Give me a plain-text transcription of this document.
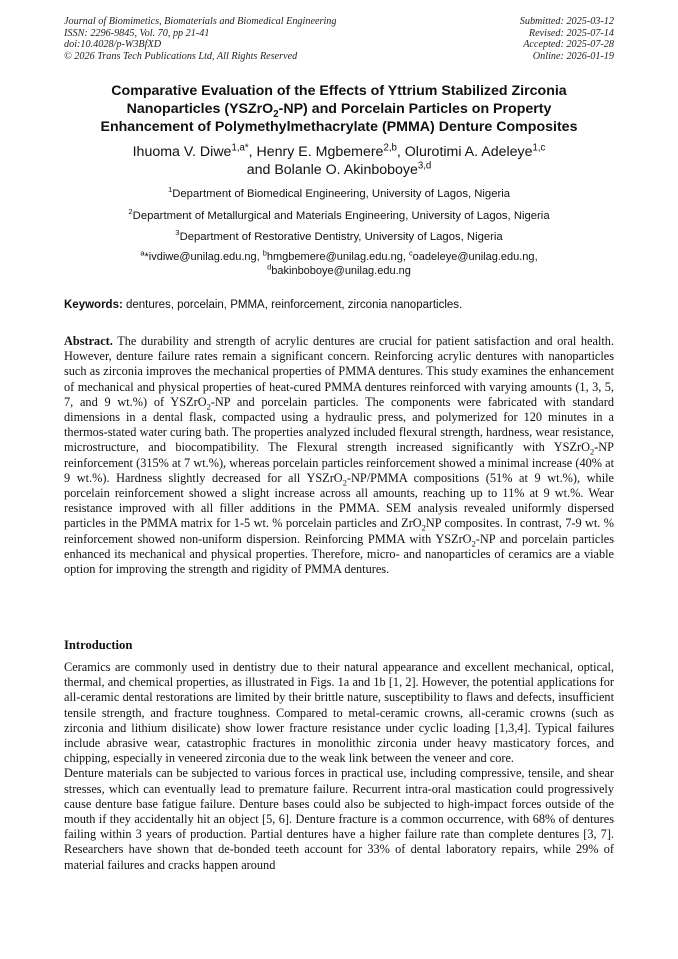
Journal of Biomimetics, Biomaterials and Biomedical Engineering
ISSN: 2296-9845, Vol. 70, pp 21-41
doi:10.4028/p-W3BfXD
© 2026 Trans Tech Publications Ltd, All Rights Reserved
Submitted: 2025-03-12
Revised: 2025-07-14
Accepted: 2025-07-28
Online: 2026-01-19
Comparative Evaluation of the Effects of Yttrium Stabilized Zirconia
Nanoparticles (YSZrO$_2$-NP) and Porcelain Particles on Property
Enhancement of Polymethylmethacrylate (PMMA) Denture Composites
Ihuoma V. Diwe$^{1,a*}$, Henry E. Mgbemere$^{2,b}$, Olurotimi A. Adeleye$^{1,c}$
and Bolanle O. Akinboboye$^{3,d}$
$^1$Department of Biomedical Engineering, University of Lagos, Nigeria
$^2$Department of Metallurgical and Materials Engineering, University of Lagos, Nigeria
$^3$Department of Restorative Dentistry, University of Lagos, Nigeria
$^a$*ivdiwe@unilag.edu.ng, $^b$hmgbemere@unilag.edu.ng, $^c$oadeleye@unilag.edu.ng,
$^d$bakinboboye@unilag.edu.ng
Keywords: dentures, porcelain, PMMA, reinforcement, zirconia nanoparticles.
Abstract. The durability and strength of acrylic dentures are crucial for patient satisfaction and oral health. However, denture failure rates remain a significant concern. Reinforcing acrylic dentures with nanoparticles such as zirconia improves the mechanical properties of PMMA dentures. This study examines the enhancement of mechanical and physical properties of heat-cured PMMA dentures reinforced with varying amounts (1, 3, 5, 7, and 9 wt.%) of YSZrO$_2$-NP and porcelain particles. The components were fabricated with standard dimensions in a dental flask, compacted using a hydraulic press, and polymerized for 120 minutes in a thermos-stated water curing bath. The properties analyzed included flexural strength, hardness, wear resistance, microstructure, and biocompatibility. The Flexural strength increased significantly with YSZrO$_2$-NP reinforcement (315% at 7 wt.%), whereas porcelain particles reinforcement showed a minimal increase (40% at 9 wt.%). Hardness slightly decreased for all YSZrO$_2$-NP/PMMA compositions (51% at 9 wt.%), while porcelain reinforcement showed a slight increase across all amounts, reaching up to 11% at 9 wt.%. Wear resistance improved with all filler additions in the PMMA. SEM analysis revealed uniformly dispersed particles in the PMMA matrix for 1-5 wt. % porcelain particles and ZrO$_2$NP composites. In contrast, 7-9 wt. % reinforcement showed non-uniform dispersion. Reinforcing PMMA with YSZrO$_2$-NP and porcelain particles enhanced its mechanical and physical properties. Therefore, micro- and nanoparticles of ceramics are a viable option for improving the strength and rigidity of PMMA dentures.
Introduction

Ceramics are commonly used in dentistry due to their natural appearance and excellent mechanical, optical, thermal, and chemical properties, as illustrated in Figs. 1a and 1b [1, 2]. However, the potential applications for all-ceramic dental restorations are limited by their brittle nature, susceptibility to flaws and defects, insufficient tensile strength, and fracture toughness. Compared to metal-ceramic crowns, all-ceramic crowns (such as zirconia and lithium disilicate) show lower fracture resistance under cyclic loading [1,3,4]. Typical failures include abrasive wear, catastrophic fractures in monolithic zirconia under heavy masticatory forces, and chipping, especially in veneered zirconia due to the weak link between the veneer and core.

Denture materials can be subjected to various forces in practical use, including compressive, tensile, and shear stresses, which can eventually lead to premature failure. Recurrent intra-oral mastication could progressively cause denture base fatigue failure. Denture bases could also be subjected to high-impact forces outside of the mouth if they accidentally hit an object [5, 6]. Denture fracture is a common occurrence, with 68% of dentures failing within 3 years of production. Partial dentures have a higher failure rate than complete dentures [3, 7]. Researchers have shown that de-bonded teeth account for 33% of dental laboratory repairs, while 29% of material failures and cracks happen around
